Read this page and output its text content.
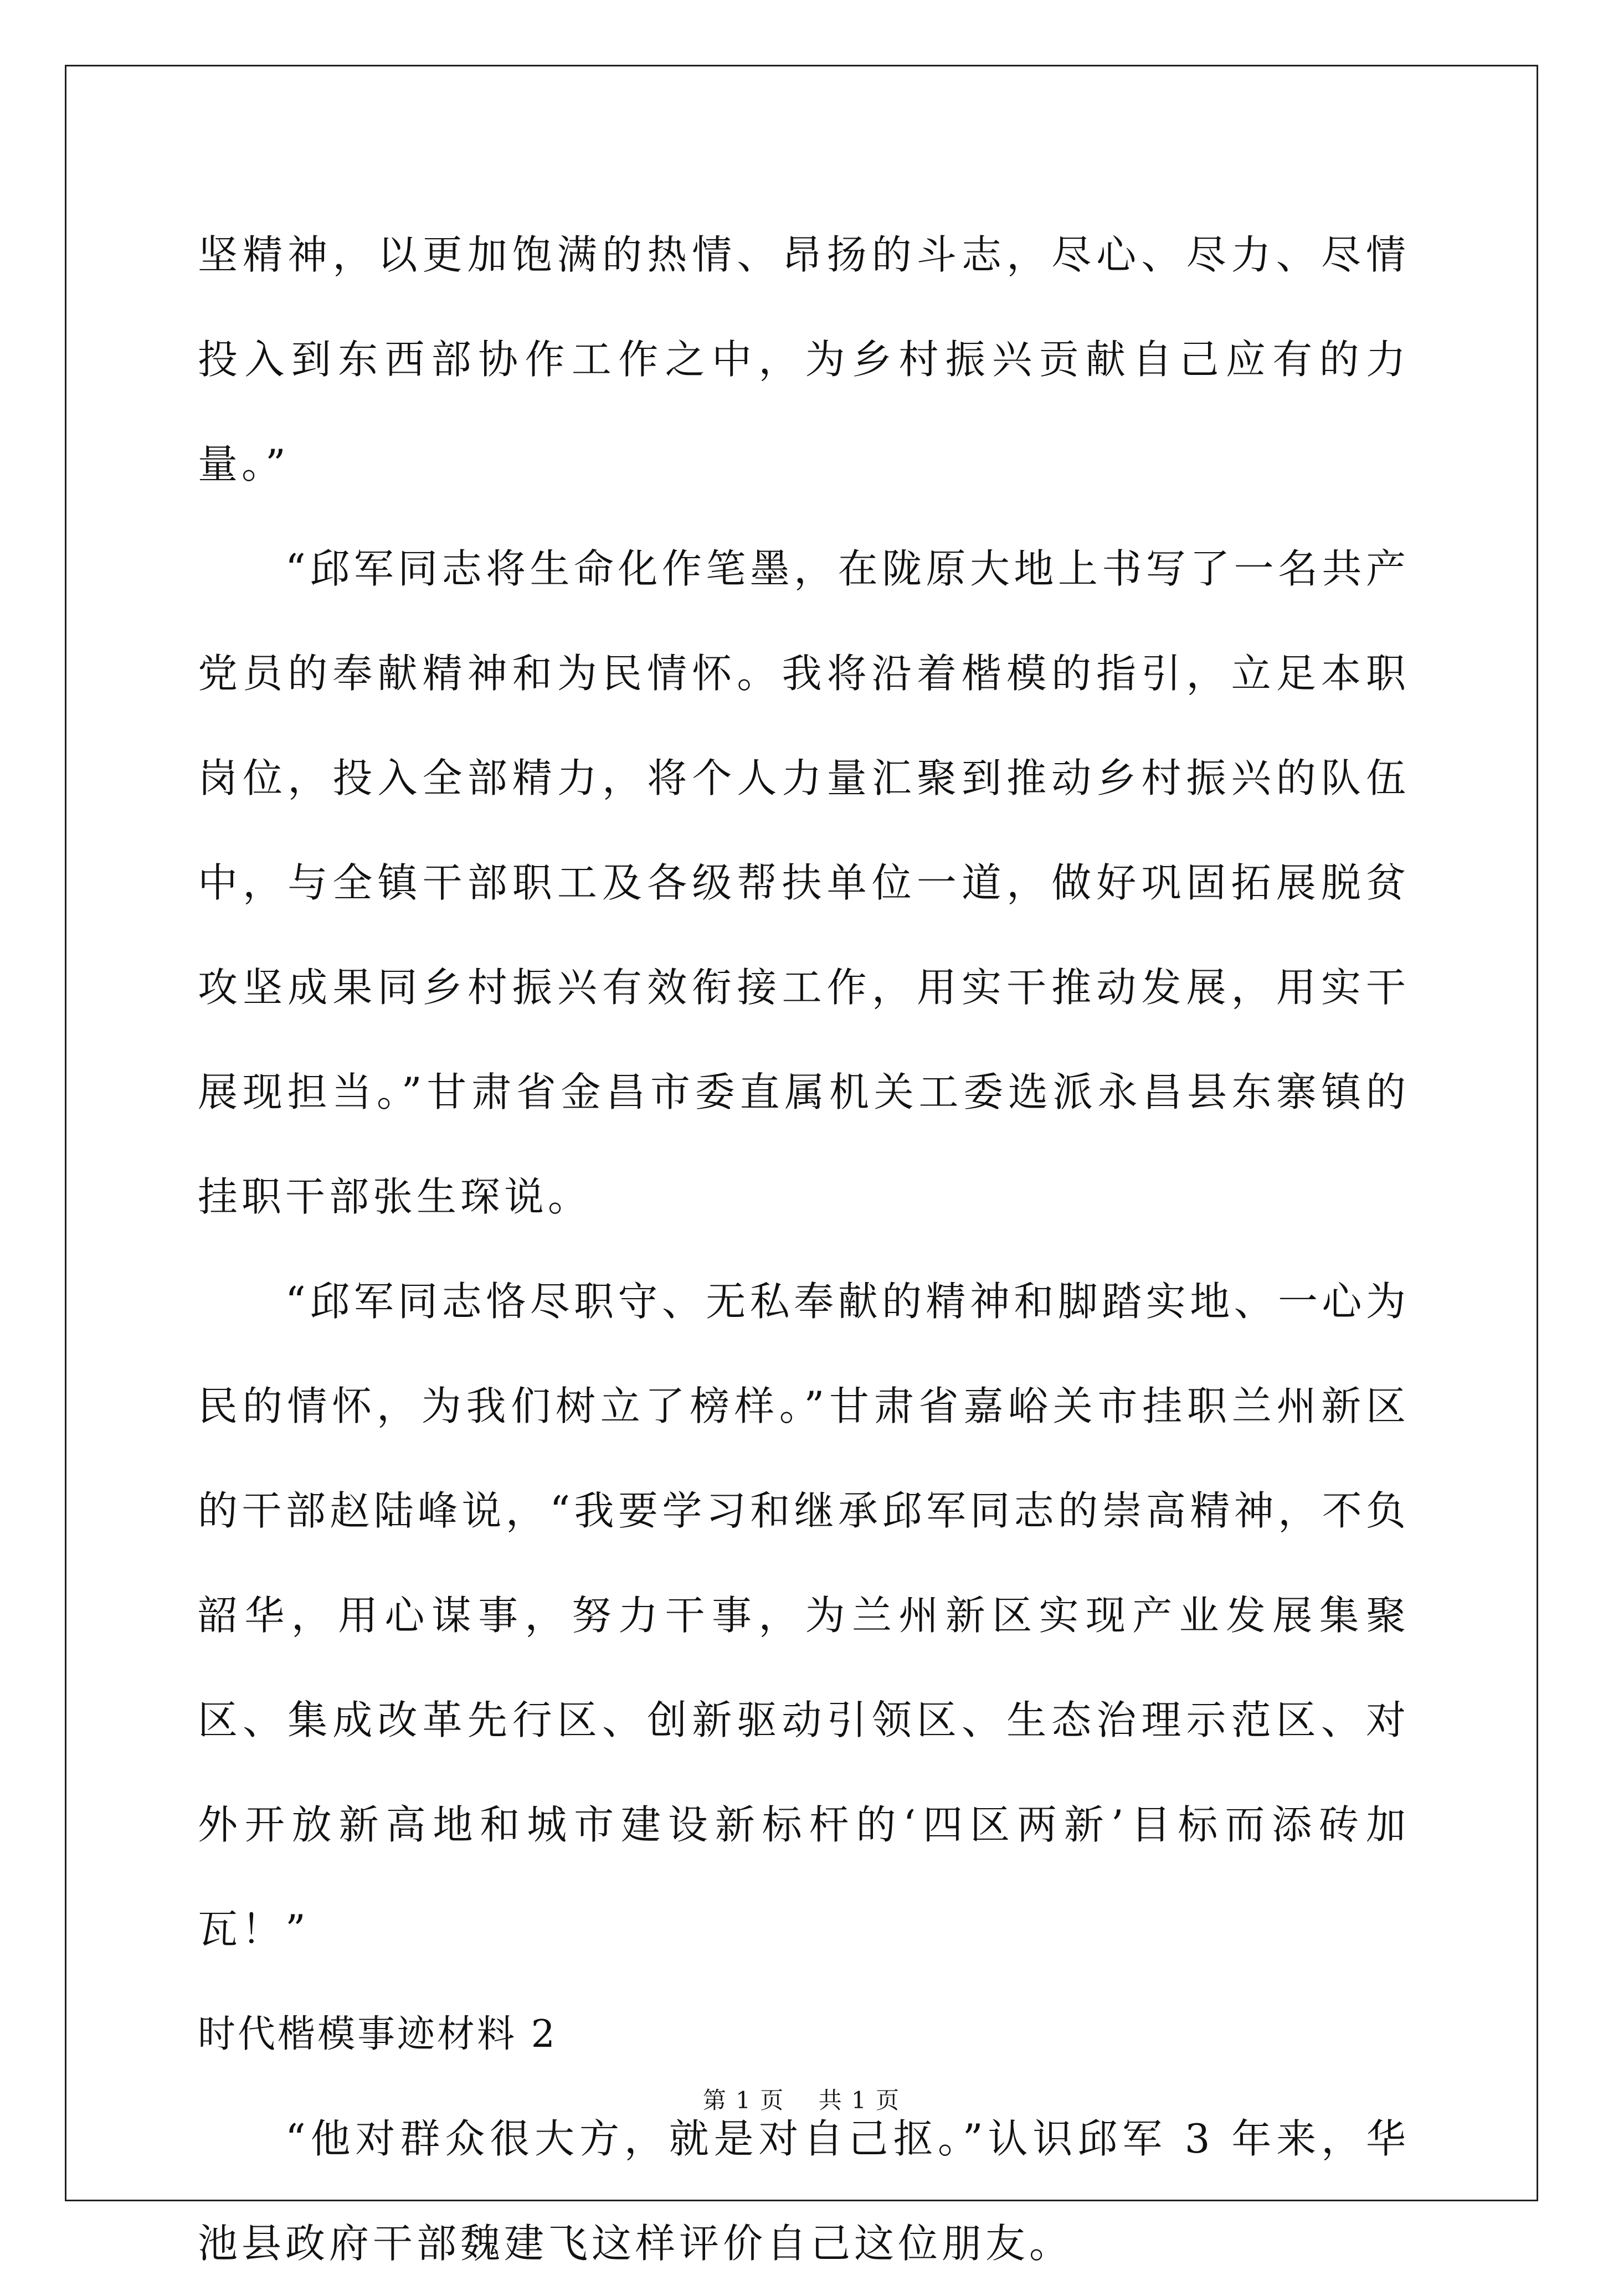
坚精神，以更加饱满的热情、昂扬的斗志，尽心、尽力、尽情投入到东西部协作工作之中，为乡村振兴贡献自己应有的力量。”

“邱军同志将生命化作笔墨，在陇原大地上书写了一名共产党员的奉献精神和为民情怀。我将沿着楷模的指引，立足本职岗位，投入全部精力，将个人力量汇聚到推动乡村振兴的队伍中，与全镇干部职工及各级帮扶单位一道，做好巩固拓展脱贫攻坚成果同乡村振兴有效衔接工作，用实干推动发展，用实干展现担当。”甘肃省金昌市委直属机关工委选派永昌县东寨镇的挂职干部张生琛说。

“邱军同志恪尽职守、无私奉献的精神和脚踏实地、一心为民的情怀，为我们树立了榜样。”甘肃省嘉峪关市挂职兰州新区的干部赵陆峰说，“我要学习和继承邱军同志的崇高精神，不负韶华，用心谋事，努力干事，为兰州新区实现产业发展集聚区、集成改革先行区、创新驱动引领区、生态治理示范区、对外开放新高地和城市建设新标杆的‘四区两新’目标而添砖加瓦！”

时代楷模事迹材料 2

“他对群众很大方，就是对自己抠。”认识邱军 3 年来，华池县政府干部魏建飞这样评价自己这位朋友。

第 1 页    共 1 页
